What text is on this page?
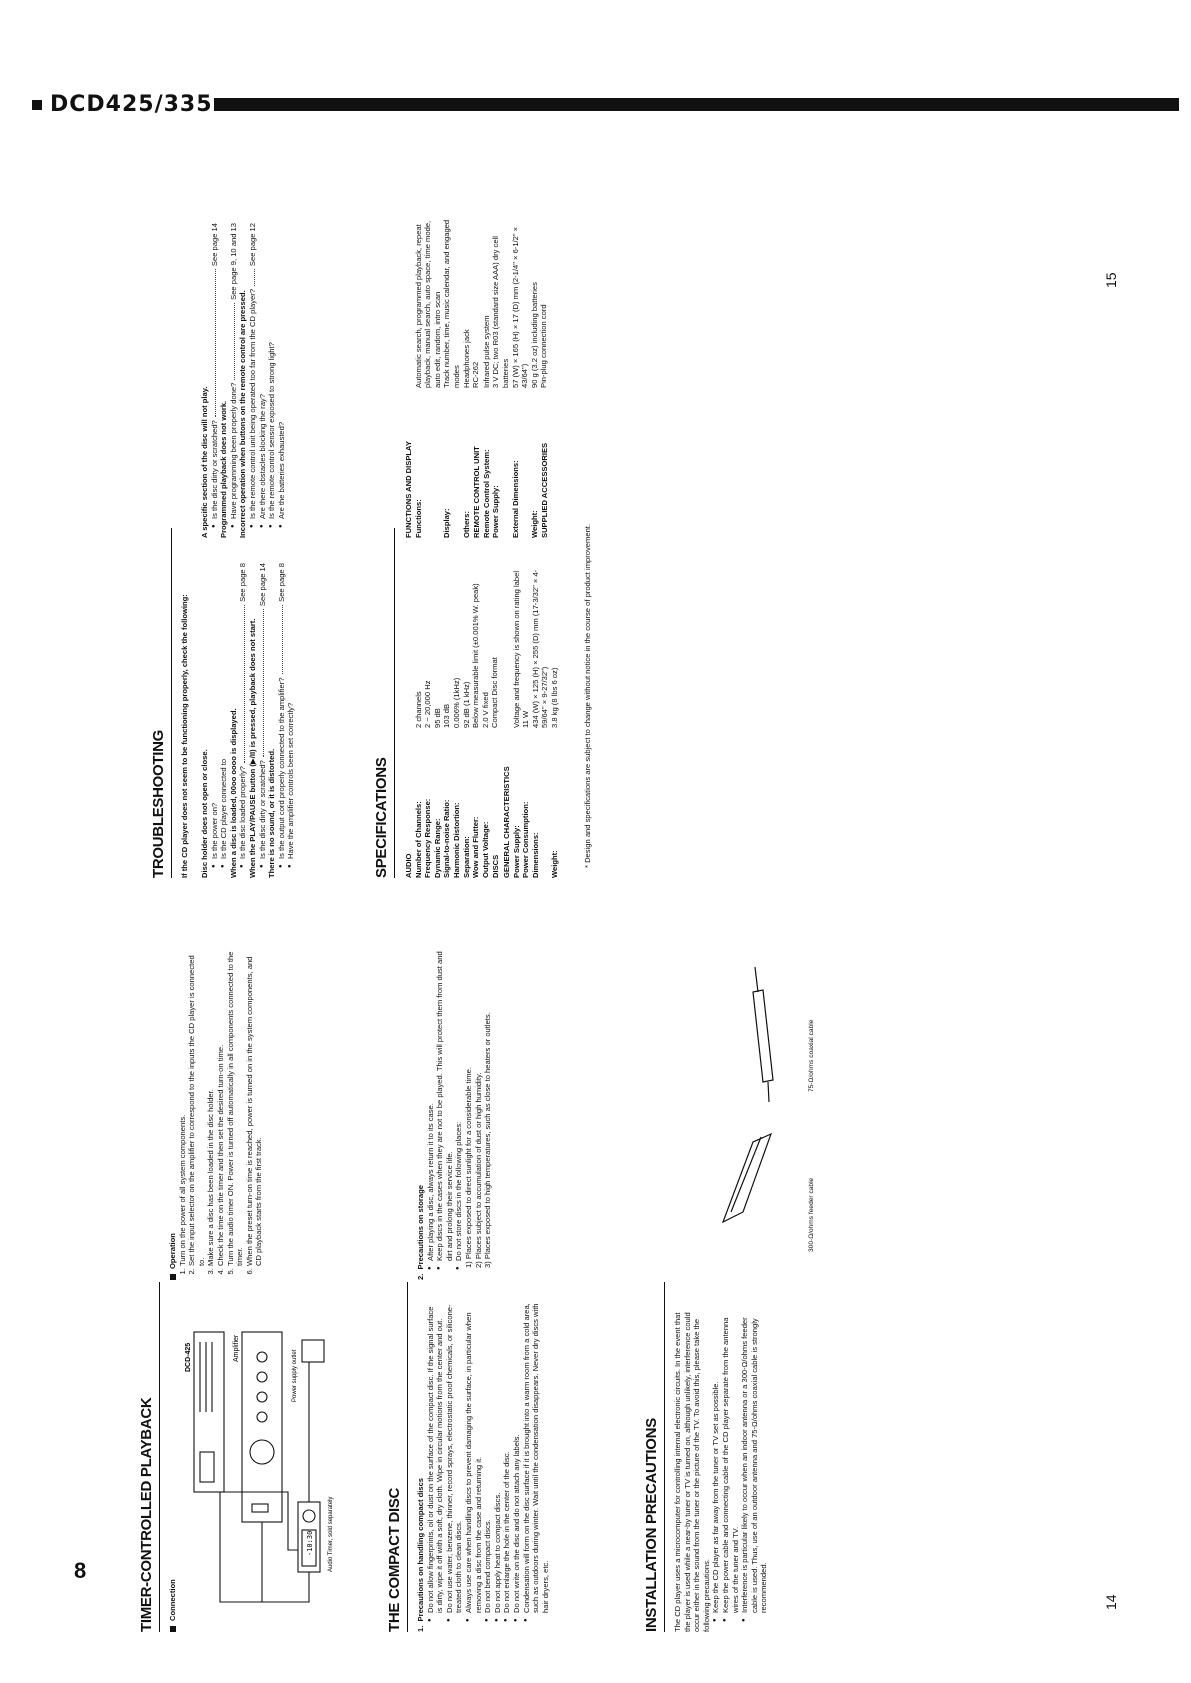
DCD425/335
8	TIMER-CONTROLLED PLAYBACK Connection
-10:30
DCD-425	Amplifier
Audio Timer, sold separately
Power supply outlet
Operation 1. Turn on the power of all system components. 2. Set the input selector on the amplifier to correspond to the inputs the CD player is connected to. 3. Make sure a disc has been loaded in the disc holder. 4. Check the time on the timer and then set the desired turn-on time. 5. Turn the audio timer ON. Power is turned off automatically in all components connected to the timer. 6. When the preset turn-on time is reached, power is turned on in the system components, and CD playback starts from the first track.
THE COMPACT DISC 1.  Precautions on handling compact discs ● Do not allow fingerprints, oil or dust on the surface of the compact disc. If the signal surface is dirty, wipe it off with a soft, dry cloth. Wipe in circular motions from the center and out. ● Do not use water, benzene, thinner, record sprays, electrostatic proof chemicals, or silicone-treated cloth to clean discs. ● Always use care when handling discs to prevent damaging the surface, in particular when removing a disc from the case and returning it. ● Do not bend compact discs. ● Do not apply heat to compact discs. ● Do not enlarge the hole in the center of the disc. ● Do not write on the disc and do not attach any labels. ● Condensation will form on the disc surface if it is brought into a warm room from a cold area, such as outdoors during winter. Wait until the condensation disappears. Never dry discs with hair dryers, etc.
2.  Precautions on storage ● After playing a disc, always return it to its case. ● Keep discs in the cases when they are not to be played. This will protect them from dust and dirt and prolong their service life. ● Do not store discs in the following places:
1) Places exposed to direct sunlight for a considerable time.
2) Places subject to accumulation of dust or high humidity.
3) Places exposed to high temperatures, such as close to heaters or outlets.
INSTALLATION PRECAUTIONS The CD player uses a microcomputer for controlling internal electronic circuits. In the event that the player is used while a near-by tuner or TV is turned on, although unlikely, interference could occur either in the sound from the tuner or the picture of the TV. To avoid this, please take the following precautions. ● Keep the CD player as far away from the tuner or TV set as possible. ● Keep the power cable and connecting cable of the CD player separate from the antenna wires of the tuner and TV. ● Interference is particular likely to occur when an indoor antenna or a 300-Ω/ohms feeder cable is used. Thus, use of an outdoor antenna and 75-Ω/ohms coaxial cable is strongly recommended.
300-Ω/ohms feeder cable
75-Ω/ohms coaxial cable
14
TROUBLESHOOTING If the CD player does not seem to be functioning properly, check the following: Disc holder does not open or close. ● Is the power on? ● Is the CD player connected to When a disc is loaded, 00oo oooo is displayed. ● Is the disc loaded properly?
See page 8
When the PLAY/PAUSE button (▶/II) is pressed, playback does not start. ● Is the disc dirty or scratched?
See page 14
There is no sound, or it is distorted. ● Is the output cord properly connected to the amplifier?
See page 8
● Have the amplifier controls been set correctly?
A specific section of the disc will not play. ● Is the disc dirty or scratched?
See page 14
Programmed playback does not work. ● Have programming been properly done?
See page 9, 10 and 13
Incorrect operation when buttons on the remote control are pressed. ● Is the remote control unit being operated too far from the CD player?
See page 12
● Are there obstacles blocking the ray? ● Is the remote control sensor exposed to strong light? ● Are the batteries exhausted?
SPECIFICATIONS AUDIO Number of Channels:
2 channels
Frequency Response:
2 ~ 20,000 Hz
Dynamic Range:
95 dB
Signal-to-noise Ratio:
103 dB
Harmonic Distortion:
0.006% (1kHz)
Separation:
92 dB (1 kHz)
Wow and Flutter:
Below measurable limit (±0.001% W. peak)
Output Voltage:
2.0 V fixed
DISCS
Compact Disc format
GENERAL CHARACTERISTICS Power Supply:
Voltage and frequency is shown on rating label
Power Consumption:
11 W
Dimensions:
434 (W) × 125 (H) × 255 (D) mm (17-3/32" × 4-59/64" × 9-27/32")
Weight:
3.8 kg (8 lbs 6 oz)
FUNCTIONS AND DISPLAY Functions:
Automatic search, programmed playback, repeat playback, manual search, auto space, time mode, auto edit, random, intro scan
Display:
Track number, time, music calendar, and engaged modes
Others:
Headphones jack
REMOTE CONTROL UNIT
RC-262
Remote Control System:
Infrared pulse system
Power Supply:
3 V DC; two R03 (standard size AAA) dry cell batteries
External Dimensions:
57 (W) × 165 (H) × 17 (D) mm (2-1/4" × 6-1/2" × 43/64")
Weight:
90 g (3.2 oz) including batteries
SUPPLIED ACCESSORIES
Pin-plug connection cord
* Design and specifications are subject to change without notice in the course of product improvement.
15
